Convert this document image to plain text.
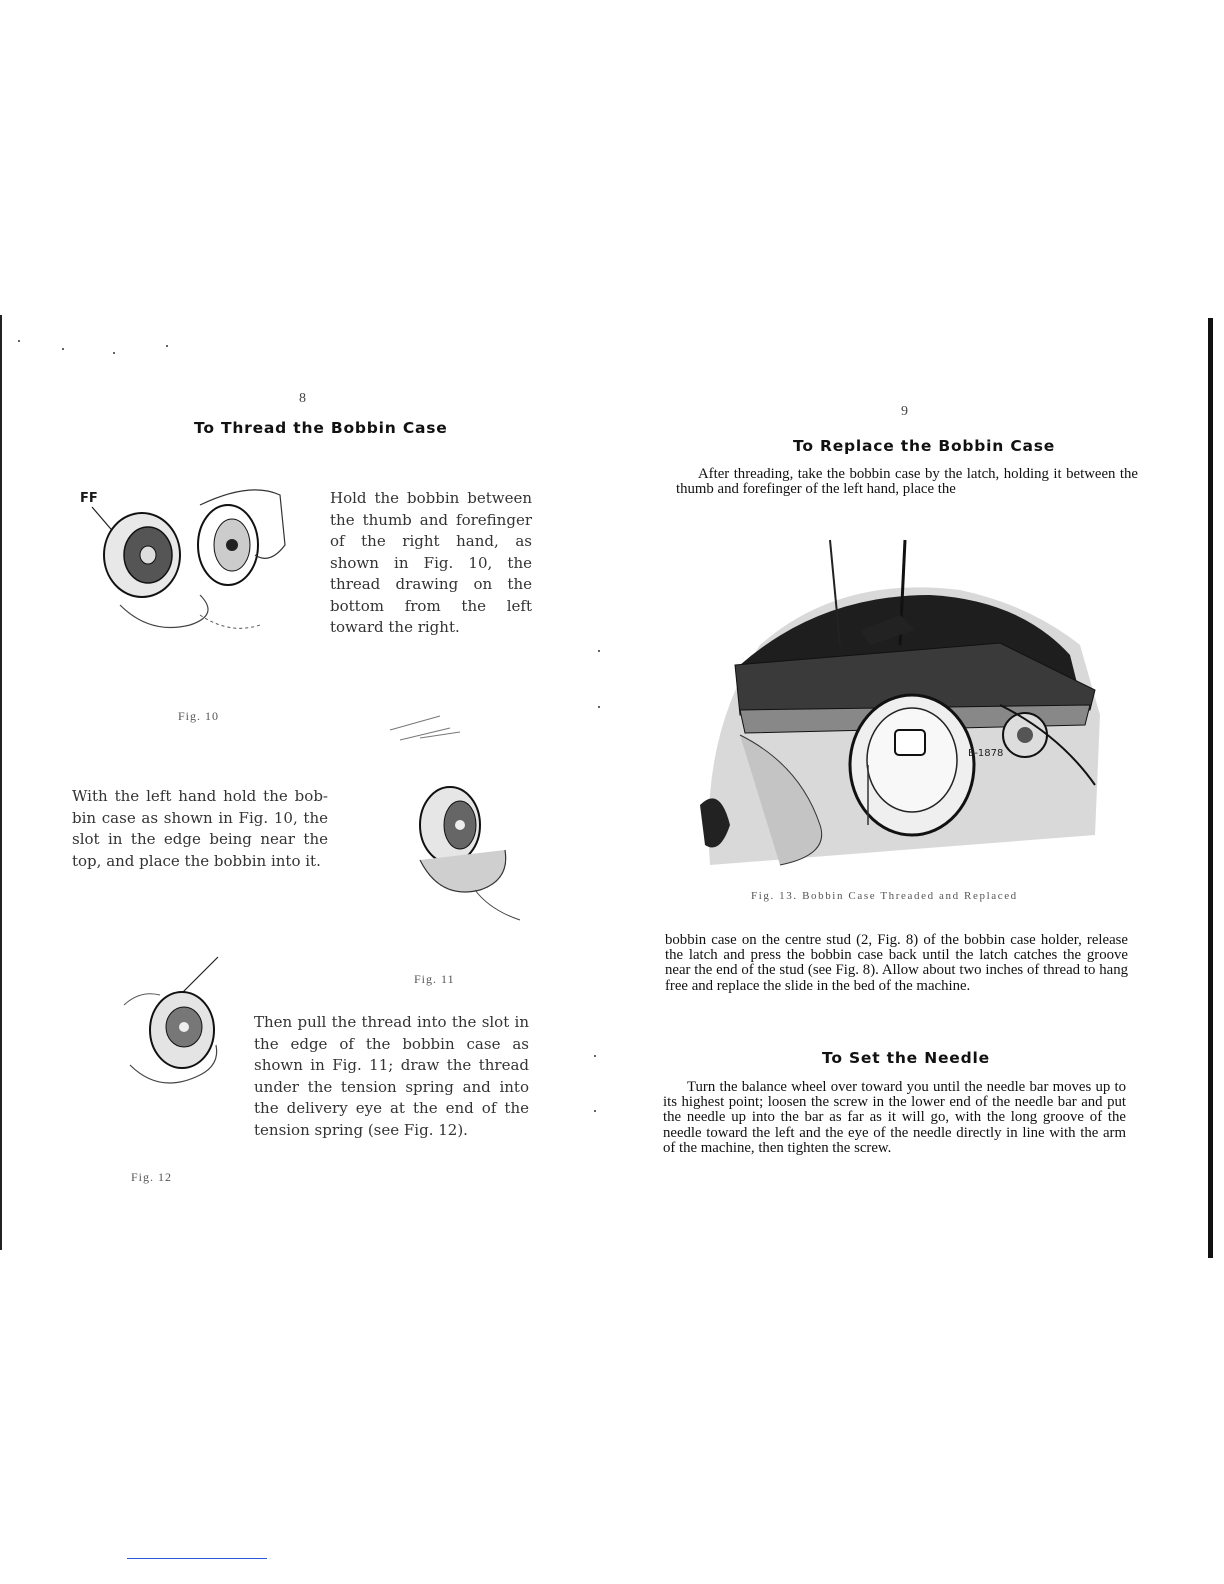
8
To Thread the Bobbin Case
FF	Hold the bobbin between the thumb and forefinger of the right hand, as shown in Fig. 10, the thread drawing on the bottom from the left toward the right.
Fig. 10
With the left hand hold the bob-bin case as shown in Fig. 10, the slot in the edge being near the top, and place the bobbin into it.
Fig. 11
Then pull the thread into the slot in the edge of the bobbin case as shown in Fig. 11; draw the thread under the tension spring and into the delivery eye at the end of the tension spring (see Fig. 12).
Fig. 12
9
To Replace the Bobbin Case
After threading, take the bobbin case by the latch, holding it between the thumb and forefinger of the left hand, place the
E-1878
Fig. 13. Bobbin Case Threaded and Replaced
bobbin case on the centre stud (2, Fig. 8) of the bobbin case holder, release the latch and press the bobbin case back until the latch catches the groove near the end of the stud (see Fig. 8). Allow about two inches of thread to hang free and replace the slide in the bed of the machine.
To Set the Needle
Turn the balance wheel over toward you until the needle bar moves up to its highest point; loosen the screw in the lower end of the needle bar and put the needle up into the bar as far as it will go, with the long groove of the needle toward the left and the eye of the needle directly in line with the arm of the machine, then tighten the screw.
